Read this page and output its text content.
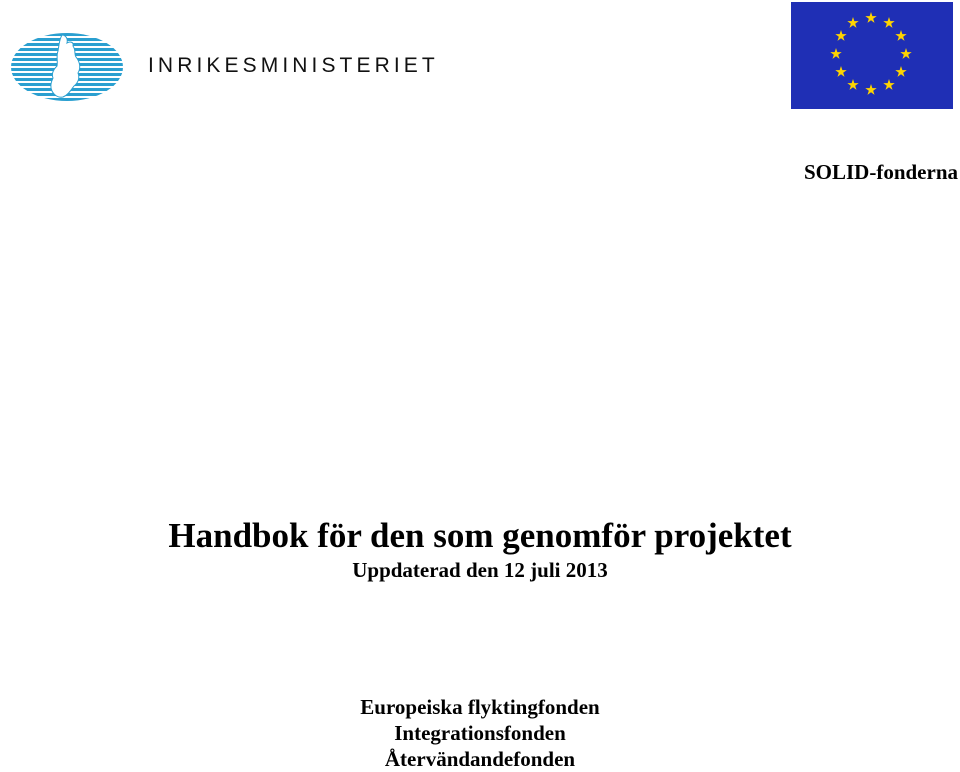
INRIKESMINISTERIET
SOLID-fonderna
Handbok för den som genomför projektet
Uppdaterad den 12 juli 2013
Europeiska flyktingfonden
Integrationsfonden
Återvändandefonden
